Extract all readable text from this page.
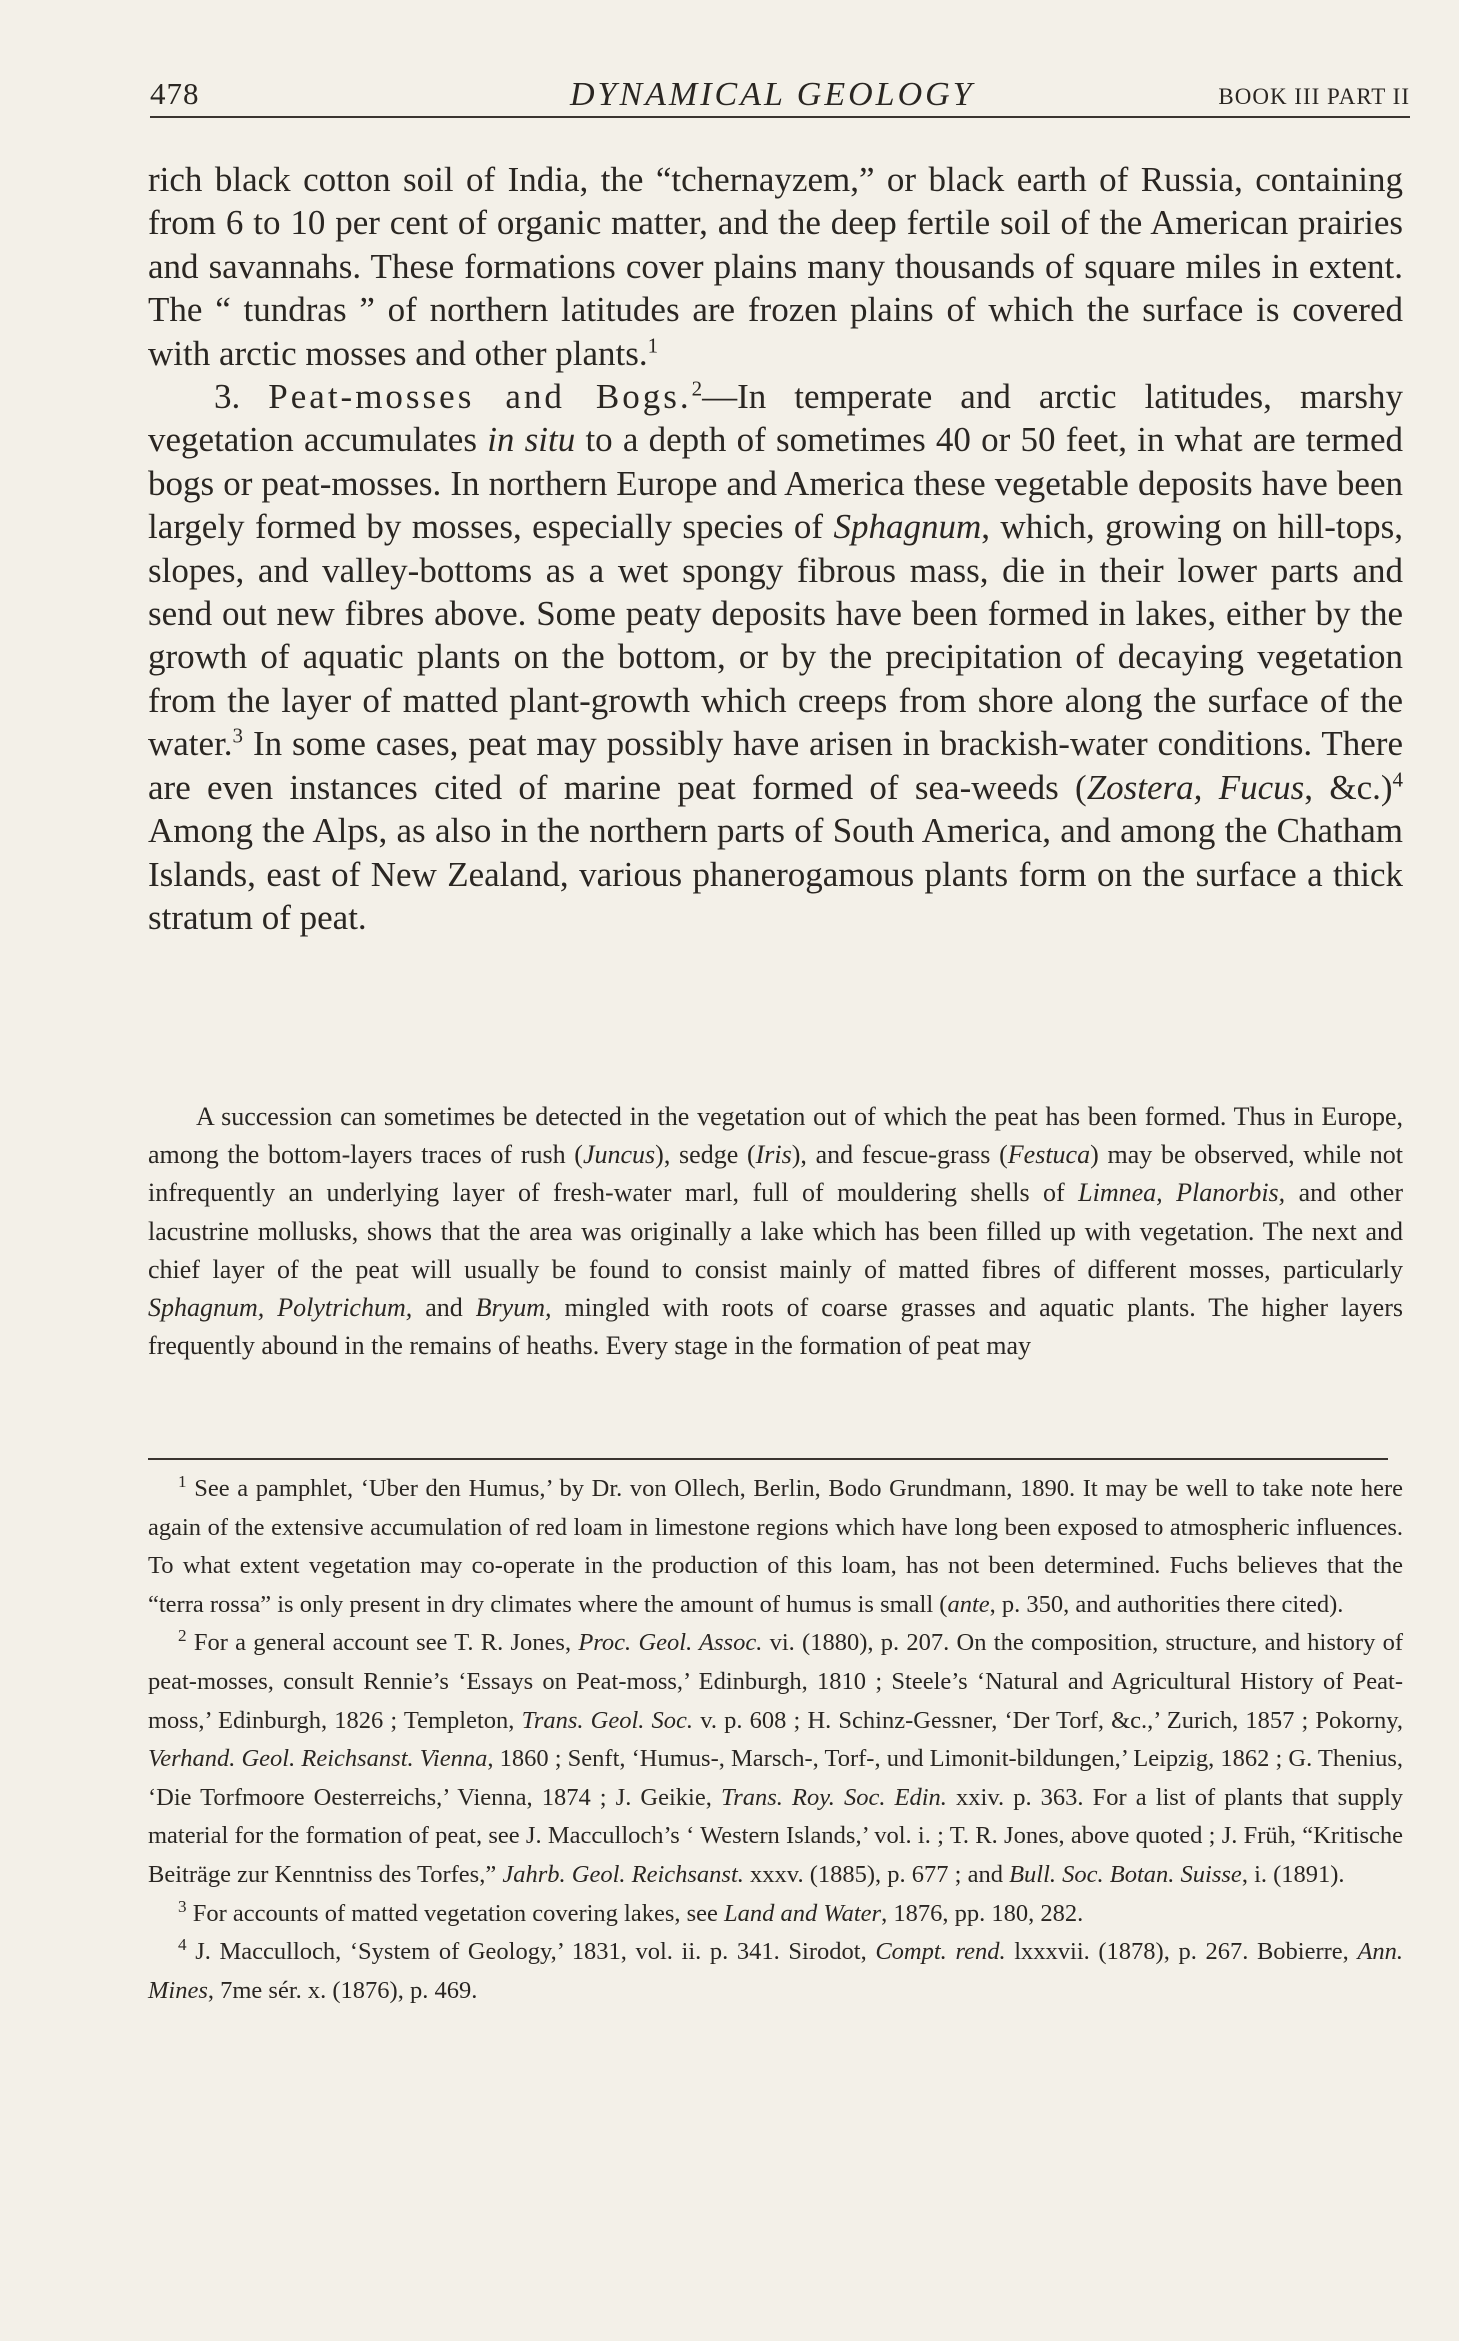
478	DYNAMICAL GEOLOGY	BOOK III PART II

rich black cotton soil of India, the “tchernayzem,” or black earth of Russia, containing from 6 to 10 per cent of organic matter, and the deep fertile soil of the American prairies and savannahs. These formations cover plains many thousands of square miles in extent. The “ tundras ” of northern latitudes are frozen plains of which the surface is covered with arctic mosses and other plants.$^1$

3. Peat-mosses and Bogs.$^2$—In temperate and arctic latitudes, marshy vegetation accumulates in situ to a depth of sometimes 40 or 50 feet, in what are termed bogs or peat-mosses. In northern Europe and America these vegetable deposits have been largely formed by mosses, especially species of Sphagnum, which, growing on hill-tops, slopes, and valley-bottoms as a wet spongy fibrous mass, die in their lower parts and send out new fibres above. Some peaty deposits have been formed in lakes, either by the growth of aquatic plants on the bottom, or by the precipitation of decaying vegetation from the layer of matted plant-growth which creeps from shore along the surface of the water.$^3$ In some cases, peat may possibly have arisen in brackish-water conditions. There are even instances cited of marine peat formed of sea-weeds (Zostera, Fucus, &c.)$^4$ Among the Alps, as also in the northern parts of South America, and among the Chatham Islands, east of New Zealand, various phanerogamous plants form on the surface a thick stratum of peat.

A succession can sometimes be detected in the vegetation out of which the peat has been formed. Thus in Europe, among the bottom-layers traces of rush (Juncus), sedge (Iris), and fescue-grass (Festuca) may be observed, while not infrequently an underlying layer of fresh-water marl, full of mouldering shells of Limnea, Planorbis, and other lacustrine mollusks, shows that the area was originally a lake which has been filled up with vegetation. The next and chief layer of the peat will usually be found to consist mainly of matted fibres of different mosses, particularly Sphagnum, Polytrichum, and Bryum, mingled with roots of coarse grasses and aquatic plants. The higher layers frequently abound in the remains of heaths. Every stage in the formation of peat may

$^1$ See a pamphlet, ‘Uber den Humus,’ by Dr. von Ollech, Berlin, Bodo Grundmann, 1890. It may be well to take note here again of the extensive accumulation of red loam in limestone regions which have long been exposed to atmospheric influences. To what extent vegetation may co-operate in the production of this loam, has not been determined. Fuchs believes that the “terra rossa” is only present in dry climates where the amount of humus is small (ante, p. 350, and authorities there cited).

$^2$ For a general account see T. R. Jones, Proc. Geol. Assoc. vi. (1880), p. 207. On the composition, structure, and history of peat-mosses, consult Rennie’s ‘Essays on Peat-moss,’ Edinburgh, 1810 ; Steele’s ‘Natural and Agricultural History of Peat-moss,’ Edinburgh, 1826 ; Templeton, Trans. Geol. Soc. v. p. 608 ; H. Schinz-Gessner, ‘Der Torf, &c.,’ Zurich, 1857 ; Pokorny, Verhand. Geol. Reichsanst. Vienna, 1860 ; Senft, ‘Humus-, Marsch-, Torf-, und Limonit-bildungen,’ Leipzig, 1862 ; G. Thenius, ‘Die Torfmoore Oesterreichs,’ Vienna, 1874 ; J. Geikie, Trans. Roy. Soc. Edin. xxiv. p. 363. For a list of plants that supply material for the formation of peat, see J. Macculloch’s ‘ Western Islands,’ vol. i. ; T. R. Jones, above quoted ; J. Früh, “Kritische Beiträge zur Kenntniss des Torfes,” Jahrb. Geol. Reichsanst. xxxv. (1885), p. 677 ; and Bull. Soc. Botan. Suisse, i. (1891).

$^3$ For accounts of matted vegetation covering lakes, see Land and Water, 1876, pp. 180, 282.

$^4$ J. Macculloch, ‘System of Geology,’ 1831, vol. ii. p. 341. Sirodot, Compt. rend. lxxxvii. (1878), p. 267. Bobierre, Ann. Mines, 7me sér. x. (1876), p. 469.
